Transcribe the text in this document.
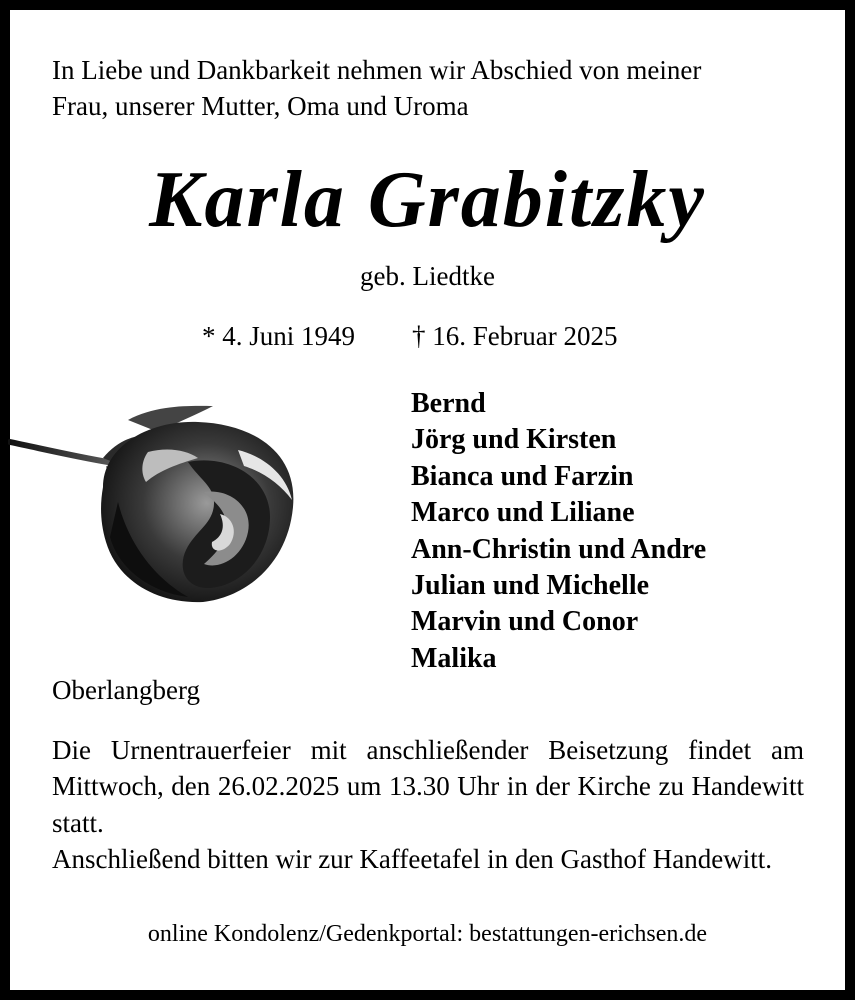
In Liebe und Dankbarkeit nehmen wir Abschied von meiner
Frau, unserer Mutter, Oma und Uroma
Karla Grabitzky
geb. Liedtke
* 4. Juni 1949 † 16. Februar 2025
Bernd
Jörg und Kirsten
Bianca und Farzin
Marco und Liliane
Ann-Christin und Andre
Julian und Michelle
Marvin und Conor
Malika
Oberlangberg

Die Urnentrauerfeier mit anschließender Beisetzung findet am Mittwoch, den 26.02.2025 um 13.30 Uhr in der Kirche zu Handewitt statt.

Anschließend bitten wir zur Kaffeetafel in den Gasthof Handewitt.

online Kondolenz/Gedenkportal: bestattungen-erichsen.de
